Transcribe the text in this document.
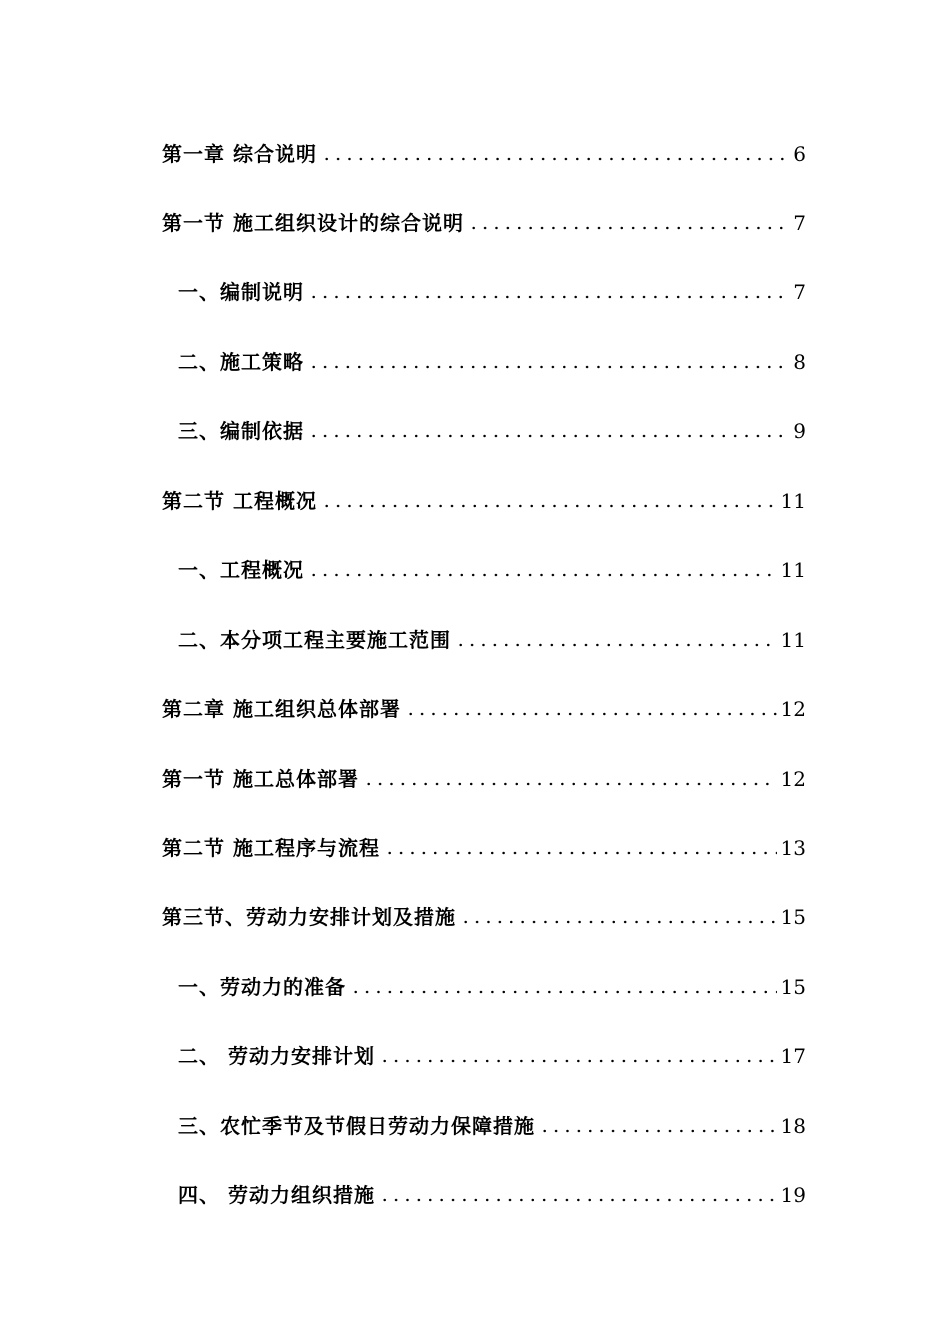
第一章 综合说明	6
第一节 施工组织设计的综合说明	7
一、编制说明	7
二、施工策略	8
三、编制依据	9
第二节 工程概况	11
一、工程概况	11
二、本分项工程主要施工范围	11
第二章 施工组织总体部署	12
第一节 施工总体部署	12
第二节 施工程序与流程	13
第三节、劳动力安排计划及措施	15
一、劳动力的准备	15
二、 劳动力安排计划	17
三、农忙季节及节假日劳动力保障措施	18
四、 劳动力组织措施	19
